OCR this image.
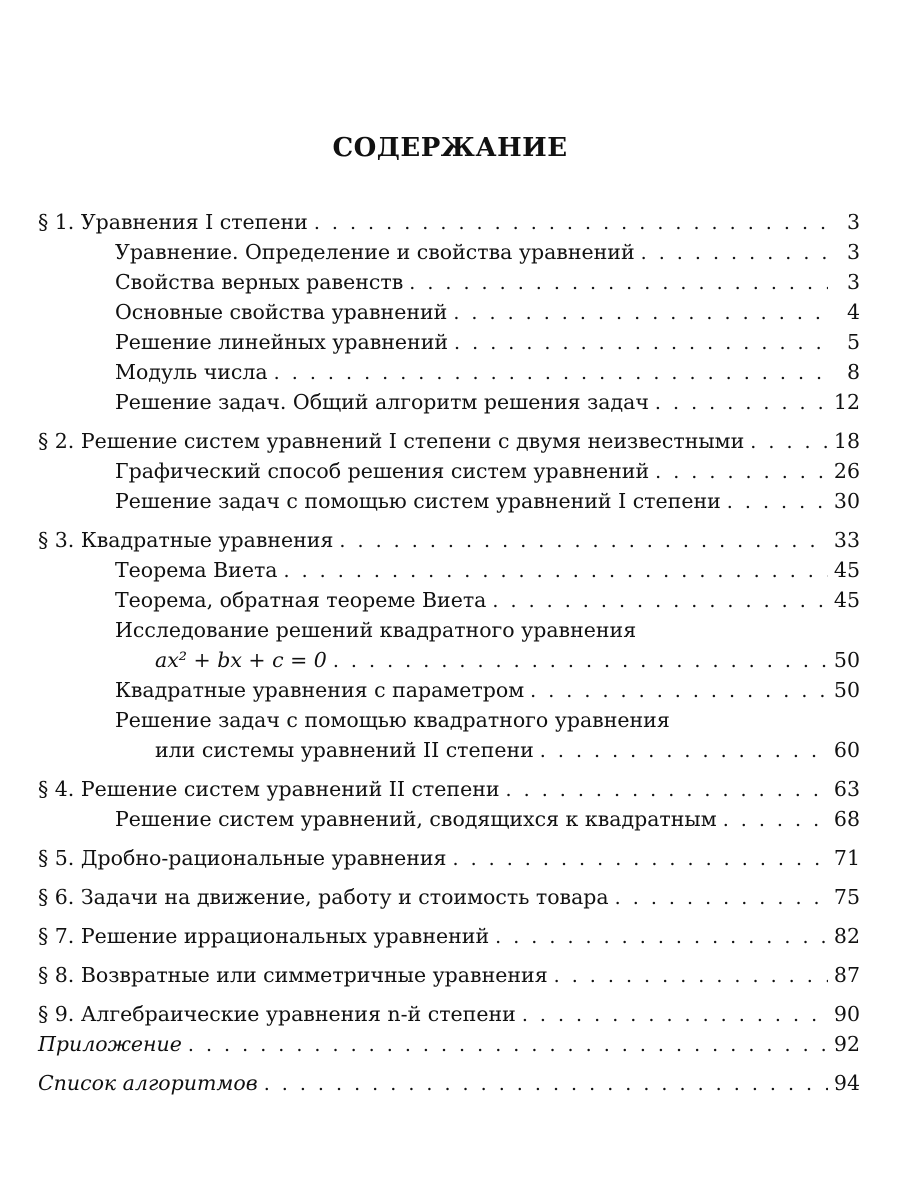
СОДЕРЖАНИЕ
§ 1. Уравнения I степени . . .	3
Уравнение. Определение и свойства уравнений . . .	3
Свойства верных равенств . . .	3
Основные свойства уравнений . . .	4
Решение линейных уравнений . . .	5
Модуль числа . . .	8
Решение задач. Общий алгоритм решения задач . . .	12
§ 2. Решение систем уравнений I степени с двумя неизвестными . . .	18
Графический способ решения систем уравнений . . .	26
Решение задач с помощью систем уравнений I степени . . .	30
§ 3. Квадратные уравнения . . .	33
Теорема Виета . . .	45
Теорема, обратная теореме Виета . . .	45
Исследование решений квадратного уравнения
ax² + bx + c = 0 . . .	50
Квадратные уравнения с параметром . . .	50
Решение задач с помощью квадратного уравнения
или системы уравнений II степени . . .	60
§ 4. Решение систем уравнений II степени . . .	63
Решение систем уравнений, сводящихся к квадратным . . .	68
§ 5. Дробно-рациональные уравнения . . .	71
§ 6. Задачи на движение, работу и стоимость товара . . .	75
§ 7. Решение иррациональных уравнений . . .	82
§ 8. Возвратные или симметричные уравнения . . .	87
§ 9. Алгебраические уравнения n-й степени . . .	90
Приложение . . .	92
Список алгоритмов . . .	94
